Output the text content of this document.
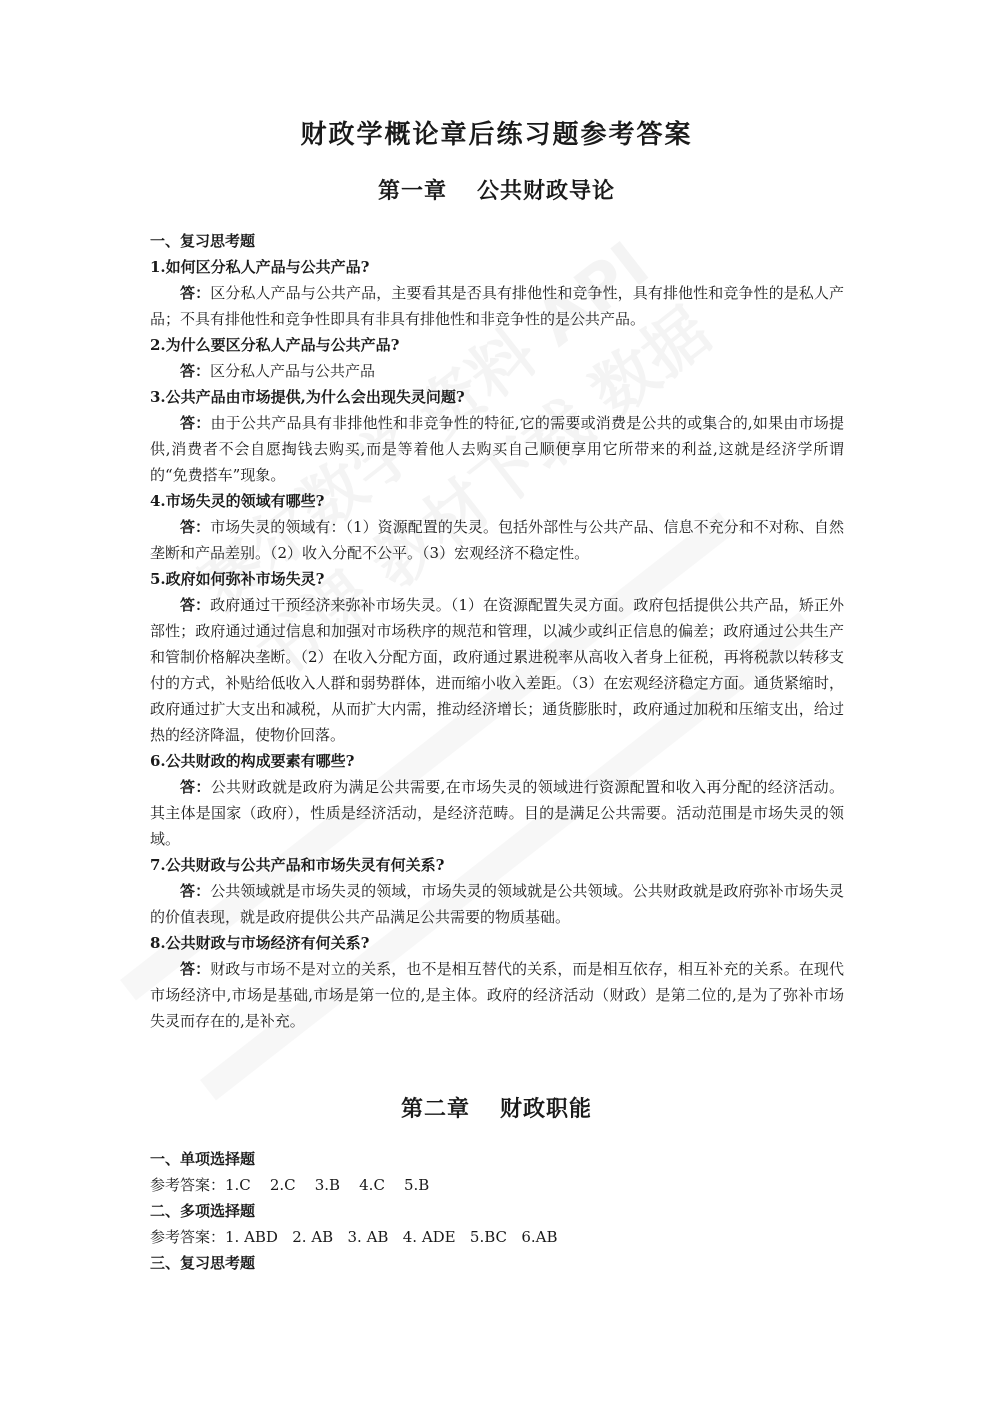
财政学概论章后练习题参考答案
第一章 公共财政导论

一、复习思考题

1.如何区分私人产品与公共产品?

答：区分私人产品与公共产品，主要看其是否具有排他性和竞争性，具有排他性和竞争性的是私人产品；不具有排他性和竞争性即具有非具有排他性和非竞争性的是公共产品。

2.为什么要区分私人产品与公共产品?

答：区分私人产品与公共产品

3.公共产品由市场提供,为什么会出现失灵问题?

答：由于公共产品具有非排他性和非竞争性的特征,它的需要或消费是公共的或集合的,如果由市场提供,消费者不会自愿掏钱去购买,而是等着他人去购买自己顺便享用它所带来的利益,这就是经济学所谓的“免费搭车”现象。

4.市场失灵的领域有哪些?

答：市场失灵的领域有：（1）资源配置的失灵。包括外部性与公共产品、信息不充分和不对称、自然垄断和产品差别。（2）收入分配不公平。（3）宏观经济不稳定性。

5.政府如何弥补市场失灵?

答：政府通过干预经济来弥补市场失灵。（1）在资源配置失灵方面。政府包括提供公共产品，矫正外部性；政府通过通过信息和加强对市场秩序的规范和管理，以减少或纠正信息的偏差；政府通过公共生产和管制价格解决垄断。（2）在收入分配方面，政府通过累进税率从高收入者身上征税，再将税款以转移支付的方式，补贴给低收入人群和弱势群体，进而缩小收入差距。（3）在宏观经济稳定方面。通货紧缩时，政府通过扩大支出和减税，从而扩大内需，推动经济增长；通货膨胀时，政府通过加税和压缩支出，给过热的经济降温，使物价回落。

6.公共财政的构成要素有哪些?

答：公共财政就是政府为满足公共需要,在市场失灵的领域进行资源配置和收入再分配的经济活动。其主体是国家（政府），性质是经济活动，是经济范畴。目的是满足公共需要。活动范围是市场失灵的领域。

7.公共财政与公共产品和市场失灵有何关系?

答：公共领域就是市场失灵的领域，市场失灵的领域就是公共领域。公共财政就是政府弥补市场失灵的价值表现，就是政府提供公共产品满足公共需要的物质基础。

8.公共财政与市场经济有何关系?

答：财政与市场不是对立的关系，也不是相互替代的关系，而是相互依存，相互补充的关系。在现代市场经济中,市场是基础,市场是第一位的,是主体。政府的经济活动（财政）是第二位的,是为了弥补市场失灵而存在的,是补充。

第二章 财政职能

一、单项选择题

参考答案：1.C    2.C    3.B    4.C    5.B

二、多项选择题

参考答案：1. ABD   2. AB   3. AB   4. ADE   5.BC   6.AB

三、复习思考题
